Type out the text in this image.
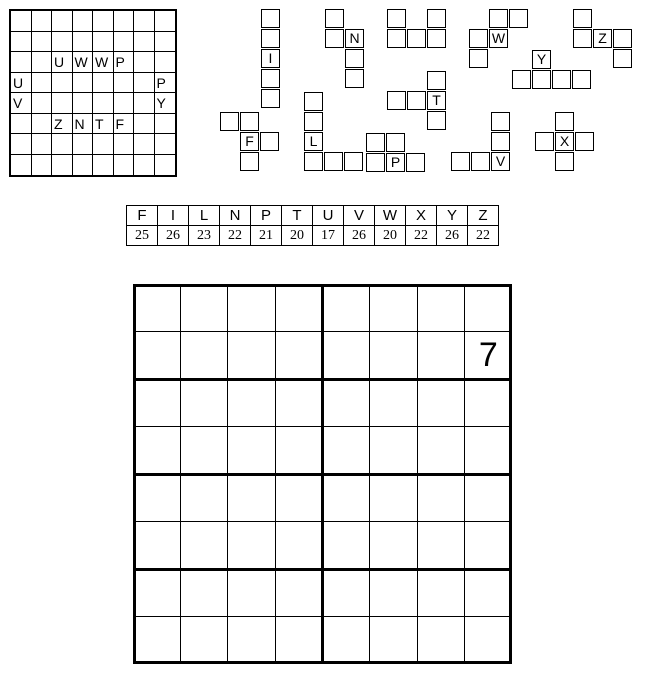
U W W P
U	P
V	Y
Z N T F
I
N	W	Z
Y
T
F	L
P	V
X
F	I	L	N	P	T	U	V	W	X	Y	Z
25	26	23	22	21	20	17	26	20	22	26	22
7
